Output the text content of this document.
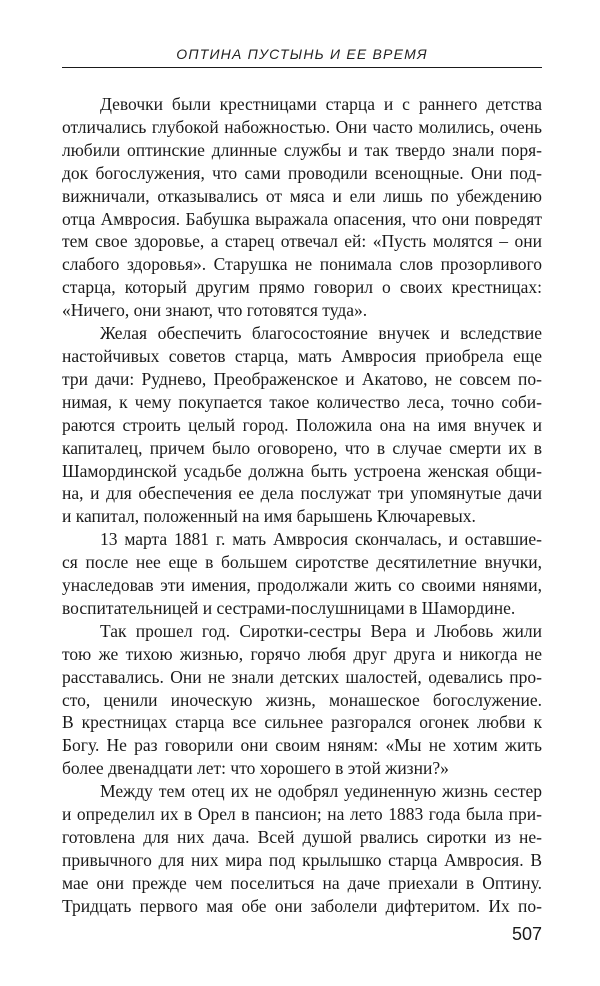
ОПТИНА ПУСТЫНЬ И ЕЕ ВРЕМЯ
Девочки были крестницами старца и с раннего детства
отличались глубокой набожностью. Они часто молились, очень
любили оптинские длинные службы и так твердо знали поря-
док богослужения, что сами проводили всенощные. Они под-
вижничали, отказывались от мяса и ели лишь по убеждению
отца Амвросия. Бабушка выражала опасения, что они повредят
тем свое здоровье, а старец отвечал ей: «Пусть молятся – они
слабого здоровья». Старушка не понимала слов прозорливого
старца, который другим прямо говорил о своих крестницах:
«Ничего, они знают, что готовятся туда».
Желая обеспечить благосостояние внучек и вследствие
настойчивых советов старца, мать Амвросия приобрела еще
три дачи: Руднево, Преображенское и Акатово, не совсем по-
нимая, к чему покупается такое количество леса, точно соби-
раются строить целый город. Положила она на имя внучек и
капиталец, причем было оговорено, что в случае смерти их в
Шамординской усадьбе должна быть устроена женская общи-
на, и для обеспечения ее дела послужат три упомянутые дачи
и капитал, положенный на имя барышень Ключаревых.
13 марта 1881 г. мать Амвросия скончалась, и оставшие-
ся после нее еще в большем сиротстве десятилетние внучки,
унаследовав эти имения, продолжали жить со своими нянями,
воспитательницей и сестрами-послушницами в Шамордине.
Так прошел год. Сиротки-сестры Вера и Любовь жили
тою же тихою жизнью, горячо любя друг друга и никогда не
расставались. Они не знали детских шалостей, одевались про-
сто, ценили иноческую жизнь, монашеское богослужение.
В крестницах старца все сильнее разгорался огонек любви к
Богу. Не раз говорили они своим няням: «Мы не хотим жить
более двенадцати лет: что хорошего в этой жизни?»
Между тем отец их не одобрял уединенную жизнь сестер
и определил их в Орел в пансион; на лето 1883 года была при-
готовлена для них дача. Всей душой рвались сиротки из не-
привычного для них мира под крылышко старца Амвросия. В
мае они прежде чем поселиться на даче приехали в Оптину.
Тридцать первого мая обе они заболели дифтеритом. Их по-
507
